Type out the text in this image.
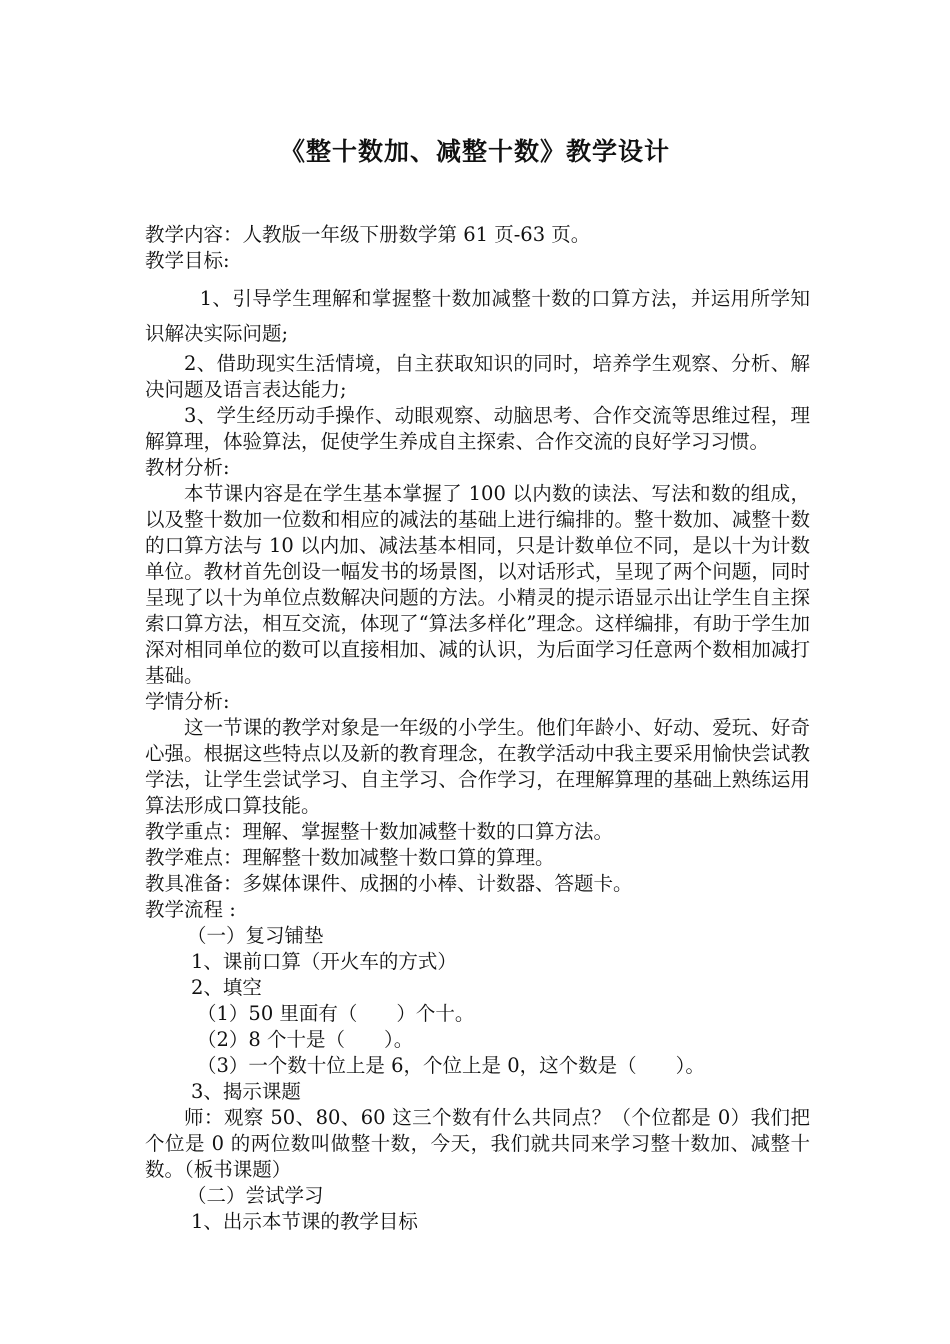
《整十数加、减整十数》教学设计
教学内容：人教版一年级下册数学第 61 页-63 页。
教学目标:
1、引导学生理解和掌握整十数加减整十数的口算方法，并运用所学知识解决实际问题;
2、借助现实生活情境，自主获取知识的同时，培养学生观察、分析、解决问题及语言表达能力;
3、学生经历动手操作、动眼观察、动脑思考、合作交流等思维过程，理解算理，体验算法，促使学生养成自主探索、合作交流的良好学习习惯。
教材分析:
本节课内容是在学生基本掌握了 100 以内数的读法、写法和数的组成，以及整十数加一位数和相应的减法的基础上进行编排的。整十数加、减整十数的口算方法与 10 以内加、减法基本相同，只是计数单位不同，是以十为计数单位。教材首先创设一幅发书的场景图，以对话形式，呈现了两个问题，同时呈现了以十为单位点数解决问题的方法。小精灵的提示语显示出让学生自主探索口算方法，相互交流，体现了“算法多样化”理念。这样编排，有助于学生加深对相同单位的数可以直接相加、减的认识，为后面学习任意两个数相加减打基础。
学情分析:
这一节课的教学对象是一年级的小学生。他们年龄小、好动、爱玩、好奇心强。根据这些特点以及新的教育理念，在教学活动中我主要采用愉快尝试教学法，让学生尝试学习、自主学习、合作学习，在理解算理的基础上熟练运用算法形成口算技能。
教学重点：理解、掌握整十数加减整十数的口算方法。
教学难点：理解整十数加减整十数口算的算理。
教具准备：多媒体课件、成捆的小棒、计数器、答题卡。
教学流程 :
（一）复习铺垫
1、课前口算（开火车的方式）
2、填空
（1）50 里面有（　　）个十。
（2）8 个十是（　　）。
（3）一个数十位上是 6，个位上是 0，这个数是（　　）。
3、揭示课题
师：观察 50、80、60 这三个数有什么共同点？（个位都是 0）我们把个位是 0 的两位数叫做整十数，今天，我们就共同来学习整十数加、减整十数。（板书课题）
（二）尝试学习
1、出示本节课的教学目标
